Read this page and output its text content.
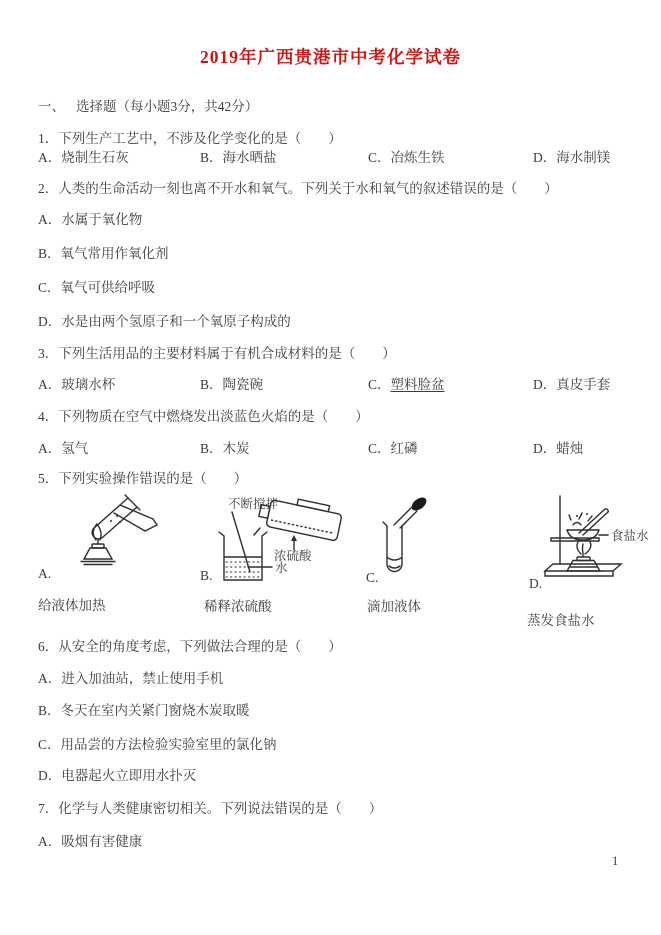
2019年广西贵港市中考化学试卷
一、 选择题（每小题3分，共42分）
1．下列生产工艺中，不涉及化学变化的是（　　）
A．烧制生石灰	B．海水晒盐	C．冶炼生铁	D．海水制镁
2．人类的生命活动一刻也离不开水和氧气。下列关于水和氧气的叙述错误的是（　　）
A．水属于氧化物
B．氧气常用作氧化剂
C．氧气可供给呼吸
D．水是由两个氢原子和一个氧原子构成的
3．下列生活用品的主要材料属于有机合成材料的是（　　）
A．玻璃水杯	B．陶瓷碗	C．塑料脸盆	D．真皮手套
4．下列物质在空气中燃烧发出淡蓝色火焰的是（　　）
A．氢气	B．木炭	C．红磷	D．蜡烛
5．下列实验操作错误的是（　　）
A.
给液体加热
不断搅拌
浓硫酸
水
B.
稀释浓硫酸
C.
滴加液体
食盐水
D.
蒸发食盐水
6．从安全的角度考虑，下列做法合理的是（　　）
A．进入加油站，禁止使用手机
B．冬天在室内关紧门窗烧木炭取暖
C．用品尝的方法检验实验室里的氯化钠
D．电器起火立即用水扑灭
7．化学与人类健康密切相关。下列说法错误的是（　　）
A．吸烟有害健康
1
